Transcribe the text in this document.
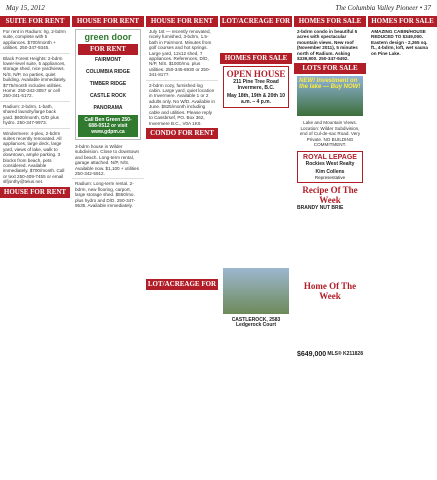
May 15, 2012	The Columbia Valley Pioneer • 37
SUITE FOR RENT

For rent in Radium: lrg. 2-bdrm suite, complete with 5 appliances. $700/month + utilities. 250-347-9345.

Black Forest Heights: 2-bdrm lower-level suite, 5 appliances, storage shed, nice yard/views. N/S, N/P, no parties, quiet building. Available immediately. $775/month includes utilities. Home: 250-342-3057 or cell 250-341-5172.

Radium: 2-bdrm, 1-bath, shared laundry/large back yard. $600/month, D/D plus hydro. 250-347-9973.

Windermere: 4-plex, 2-bdrm suites recently renovated. All appliances, large deck, large yard, views of lake, walk to downtown, ample parking. 3 blocks from beach, pets considered. Available immediately. $700/month. Call or text 250-409-7455 or email slfjonthy@telus.net.

HOUSE FOR RENT
HOUSE FOR RENT
green door
FOR RENT
FAIRMONT
COLUMBIA RIDGE
TIMBER RIDGE
CASTLE ROCK
PANORAMA
Call Ben Green 250-688-0512 or visit www.gdpm.ca

3-bdrm house in Wilder subdivision. Close to downtown and beach. Long-term rental, garage attached. N/P, N/S. Available now. $1,100 + utilities 250-342-5912.

Radium: Long-term rental. 2-bdrm, new flooring, carport, large storage shed. $550/mo. plus hydro and D/D. 250-347-9535. Available immediately.

HOUSE FOR RENT

July 1st — recently renovated, nicely furnished, 3-bdrm, 1.5-bath in Fairmont. Minutes from golf courses and hot springs. Large yard, 12x12 shed, 7 appliances. References, D/D, N/P, N/S. $1000/mo. plus utilities. 250-345-6930 or 250-341-8177.

2-bdrm cozy, furnished log cabin. Large yard, quiet location in Invermere. Available 1 or 2 adults only. No W/D. Available in June. $825/month including cable and utilities. Please reply to Cassbrsef, PO. Box 362, Invermere B.C., V0A 1K0.

CONDO FOR RENT
LOT/ACREAGE FOR SALE
LOT/ACREAGE FOR SALE
HOMES FOR SALE
OPEN HOUSE
211 Pine Tree Road Invermere, B.C.
May 18th, 19th & 20th 10 a.m. – 4 p.m.
CASTLEROCK, 2583 Ledgerock Court
HOMES FOR SALE

2-bdrm condo in beautiful 5 acres with spectacular mountain views. New roof (November 2011), 5 minutes north of Radium. Asking $339,900. 250-347-9492.

LOTS FOR SALE
NEW! Investment on the lake — Buy NOW!

Lake and Mountain Views. Location: Wilder Subdivision, end of Cul-de-sac Road. Very Private. NO BUILDING COMMITMENT.

ROYAL LEPAGE
Rockies West Realty
Kim Collens
Representative
Recipe Of The Week
BRANDY NUT BRIE
Home Of The Week
$649,000 MLS® K211828
HOMES FOR SALE

AMAZING CABIN/HOUSE REDUCED TO $349,000. Eastern design - 2,265 sq. ft., 4-bdrm, loft, wet sauna on Pine Lake.
